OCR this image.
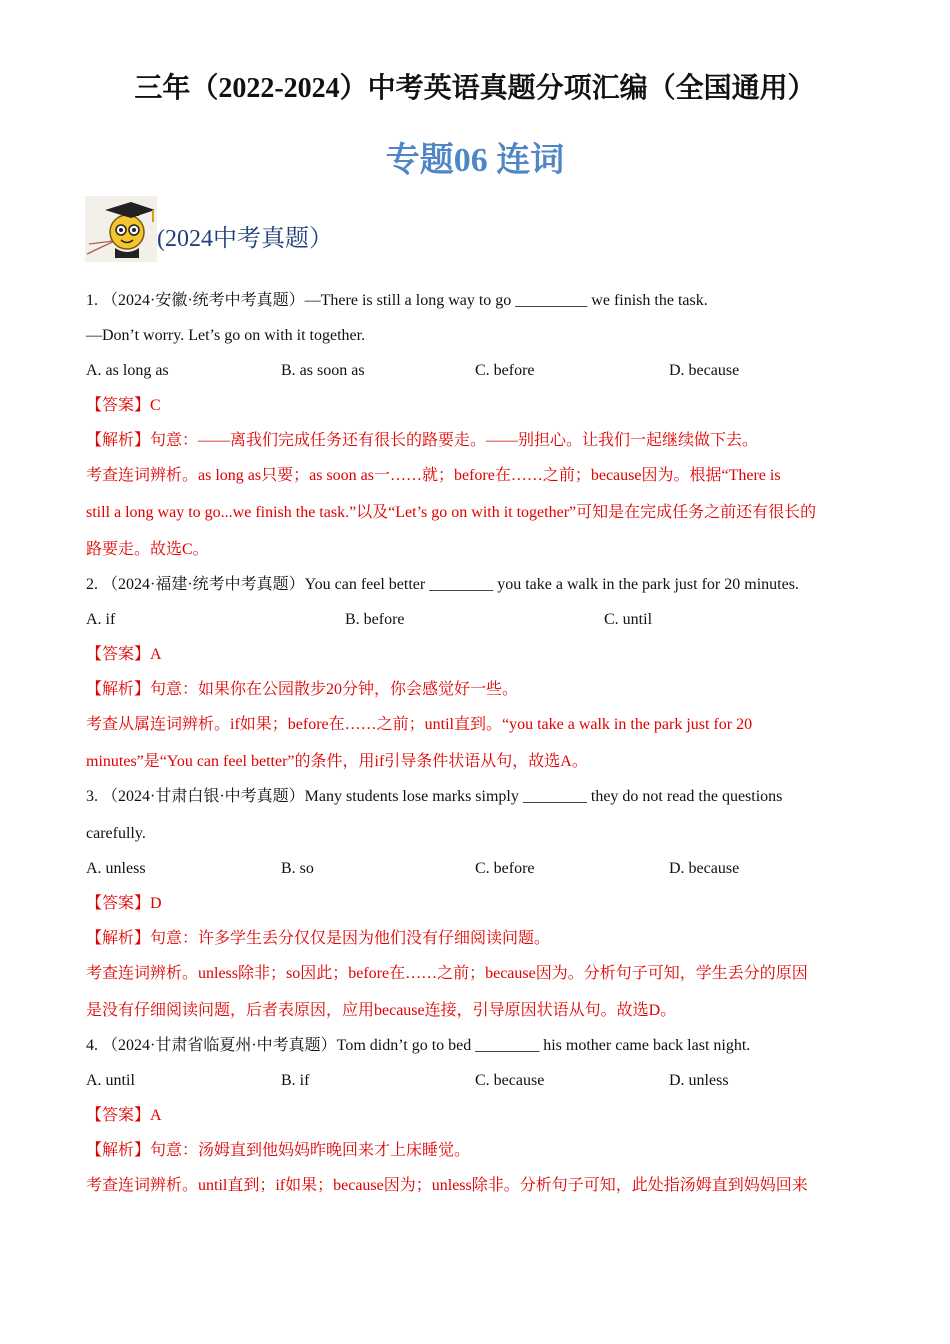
三年（2022-2024）中考英语真题分项汇编（全国通用）
专题06 连词
(2024中考真题）
1. （2024·安徽·统考中考真题）—There is still a long way to go _________ we finish the task.
—Don’t worry. Let’s go on with it together.
A. as long as	B. as soon as	C. before	D. because
【答案】C
【解析】句意：——离我们完成任务还有很长的路要走。——别担心。让我们一起继续做下去。
考查连词辨析。as long as只要；as soon as一……就；before在……之前；because因为。根据“There is
still a long way to go...we finish the task.”以及“Let’s go on with it together”可知是在完成任务之前还有很长的
路要走。故选C。
2. （2024·福建·统考中考真题）You can feel better ________ you take a walk in the park just for 20 minutes.
A. if	B. before	C. until
【答案】A
【解析】句意：如果你在公园散步20分钟，你会感觉好一些。
考查从属连词辨析。if如果；before在……之前；until直到。“you take a walk in the park just for 20
minutes”是“You can feel better”的条件，用if引导条件状语从句，故选A。
3. （2024·甘肃白银·中考真题）Many students lose marks simply ________ they do not read the questions
carefully.
A. unless	B. so	C. before	D. because
【答案】D
【解析】句意：许多学生丢分仅仅是因为他们没有仔细阅读问题。
考查连词辨析。unless除非；so因此；before在……之前；because因为。分析句子可知，学生丢分的原因
是没有仔细阅读问题，后者表原因，应用because连接，引导原因状语从句。故选D。
4. （2024·甘肃省临夏州·中考真题）Tom didn’t go to bed ________ his mother came back last night.
A. until	B. if	C. because	D. unless
【答案】A
【解析】句意：汤姆直到他妈妈昨晚回来才上床睡觉。
考查连词辨析。until直到；if如果；because因为；unless除非。分析句子可知，此处指汤姆直到妈妈回来
